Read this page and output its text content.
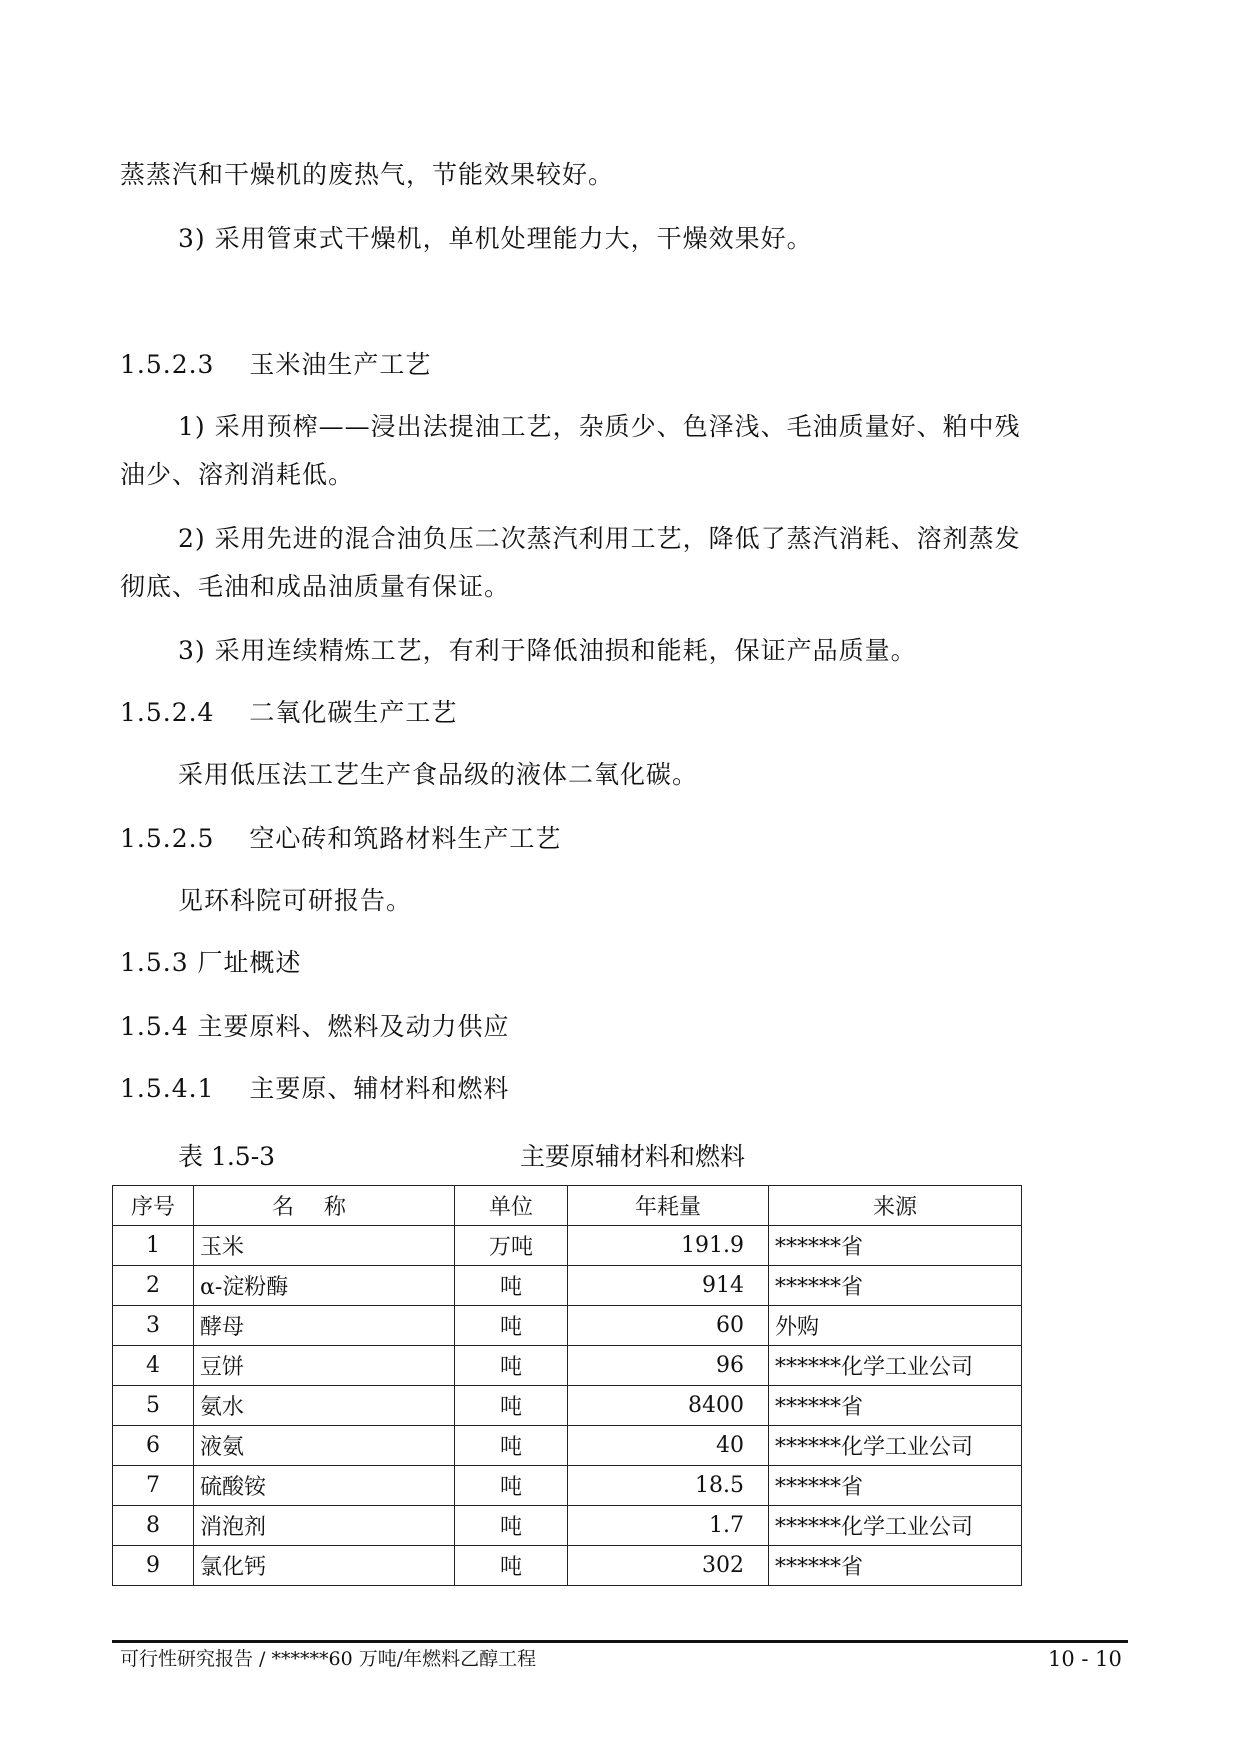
蒸蒸汽和干燥机的废热气，节能效果较好。
3) 采用管束式干燥机，单机处理能力大，干燥效果好。
1.5.2.3　 玉米油生产工艺
1) 采用预榨——浸出法提油工艺，杂质少、色泽浅、毛油质量好、粕中残
油少、溶剂消耗低。
2) 采用先进的混合油负压二次蒸汽利用工艺，降低了蒸汽消耗、溶剂蒸发
彻底、毛油和成品油质量有保证。
3) 采用连续精炼工艺，有利于降低油损和能耗，保证产品质量。
1.5.2.4　 二氧化碳生产工艺
采用低压法工艺生产食品级的液体二氧化碳。
1.5.2.5　 空心砖和筑路材料生产工艺
见环科院可研报告。
1.5.3 厂址概述
1.5.4 主要原料、燃料及动力供应
1.5.4.1　 主要原、辅材料和燃料
表 1.5-3	主要原辅材料和燃料
序号	名称	单位	年耗量	来源
1	玉米	万吨	191.9	******省
2	α-淀粉酶	吨	914	******省
3	酵母	吨	60	外购
4	豆饼	吨	96	******化学工业公司
5	氨水	吨	8400	******省
6	液氨	吨	40	******化学工业公司
7	硫酸铵	吨	18.5	******省
8	消泡剂	吨	1.7	******化学工业公司
9	氯化钙	吨	302	******省
可行性研究报告 / ******60 万吨/年燃料乙醇工程	10 - 10
